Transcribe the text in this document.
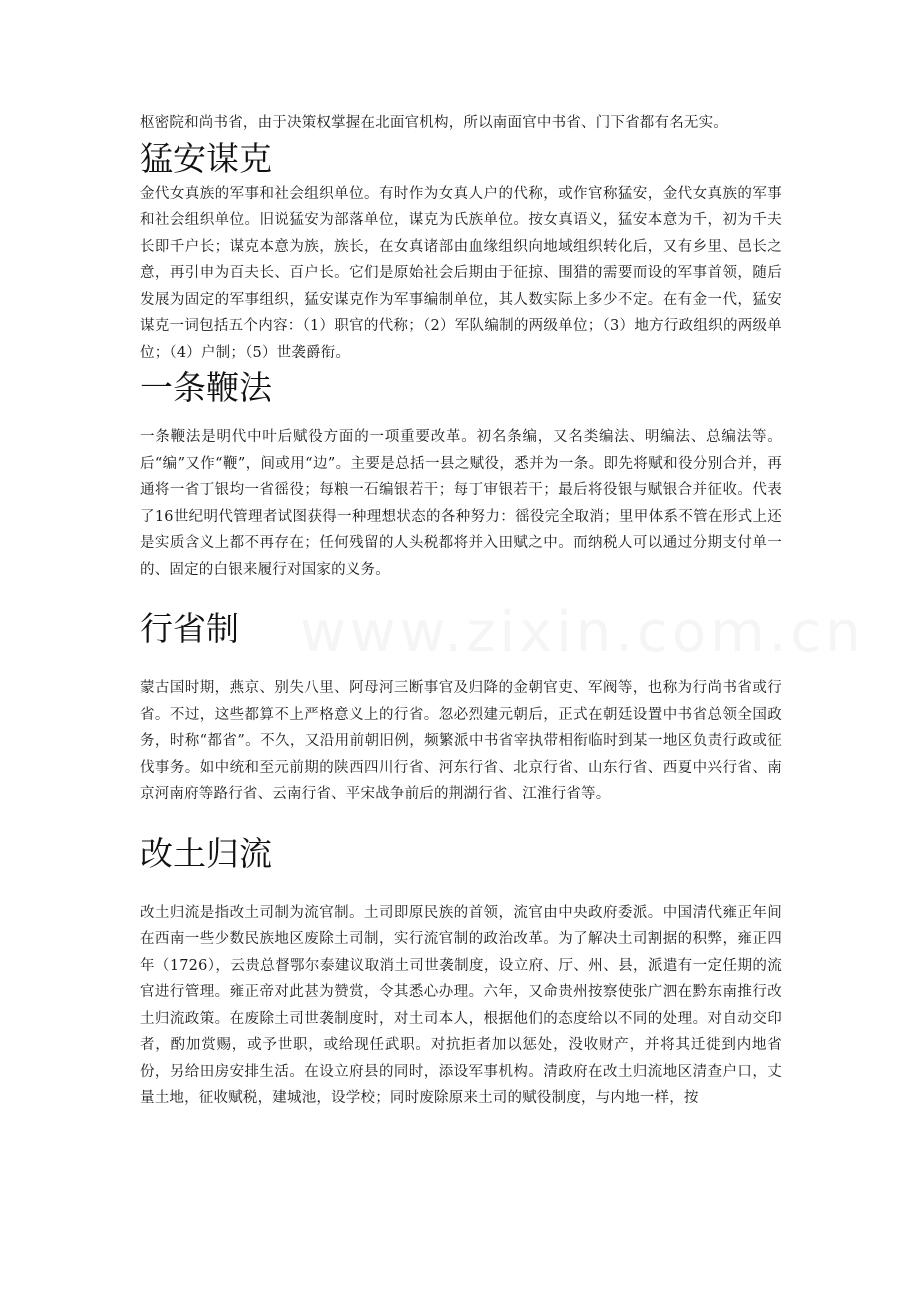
www.zixin.com.cn

枢密院和尚书省，由于决策权掌握在北面官机构，所以南面官中书省、门下省都有名无实。

猛安谋克

金代女真族的军事和社会组织单位。有时作为女真人户的代称，或作官称猛安，金代女真族的军事和社会组织单位。旧说猛安为部落单位，谋克为氏族单位。按女真语义，猛安本意为千，初为千夫长即千户长；谋克本意为族，族长，在女真诸部由血缘组织向地域组织转化后，又有乡里、邑长之意，再引申为百夫长、百户长。它们是原始社会后期由于征掠、围猎的需要而设的军事首领，随后发展为固定的军事组织，猛安谋克作为军事编制单位，其人数实际上多少不定。在有金一代，猛安谋克一词包括五个内容：（1）职官的代称；（2）军队编制的两级单位；（3）地方行政组织的两级单位；（4）户制；（5）世袭爵衔。

一条鞭法

一条鞭法是明代中叶后赋役方面的一项重要改革。初名条编，又名类编法、明编法、总编法等。后“编”又作“鞭”，间或用“边”。主要是总括一县之赋役，悉并为一条。即先将赋和役分别合并，再通将一省丁银均一省徭役；每粮一石编银若干；每丁审银若干；最后将役银与赋银合并征收。代表了16世纪明代管理者试图获得一种理想状态的各种努力：徭役完全取消；里甲体系不管在形式上还是实质含义上都不再存在；任何残留的人头税都将并入田赋之中。而纳税人可以通过分期支付单一的、固定的白银来履行对国家的义务。

行省制

蒙古国时期，燕京、别失八里、阿母河三断事官及归降的金朝官吏、军阀等，也称为行尚书省或行省。不过，这些都算不上严格意义上的行省。忽必烈建元朝后，正式在朝廷设置中书省总领全国政务，时称“都省”。不久，又沿用前朝旧例，频繁派中书省宰执带相衔临时到某一地区负责行政或征伐事务。如中统和至元前期的陕西四川行省、河东行省、北京行省、山东行省、西夏中兴行省、南京河南府等路行省、云南行省、平宋战争前后的荆湖行省、江淮行省等。

改土归流

改土归流是指改土司制为流官制。土司即原民族的首领，流官由中央政府委派。中国清代雍正年间在西南一些少数民族地区废除土司制，实行流官制的政治改革。为了解决土司割据的积弊，雍正四年（1726），云贵总督鄂尔泰建议取消土司世袭制度，设立府、厅、州、县，派遣有一定任期的流官进行管理。雍正帝对此甚为赞赏，令其悉心办理。六年，又命贵州按察使张广泗在黔东南推行改土归流政策。在废除土司世袭制度时，对土司本人，根据他们的态度给以不同的处理。对自动交印者，酌加赏赐，或予世职，或给现任武职。对抗拒者加以惩处，没收财产，并将其迁徙到内地省份，另给田房安排生活。在设立府县的同时，添设军事机构。清政府在改土归流地区清查户口，丈量土地，征收赋税，建城池，设学校；同时废除原来土司的赋役制度，与内地一样，按
